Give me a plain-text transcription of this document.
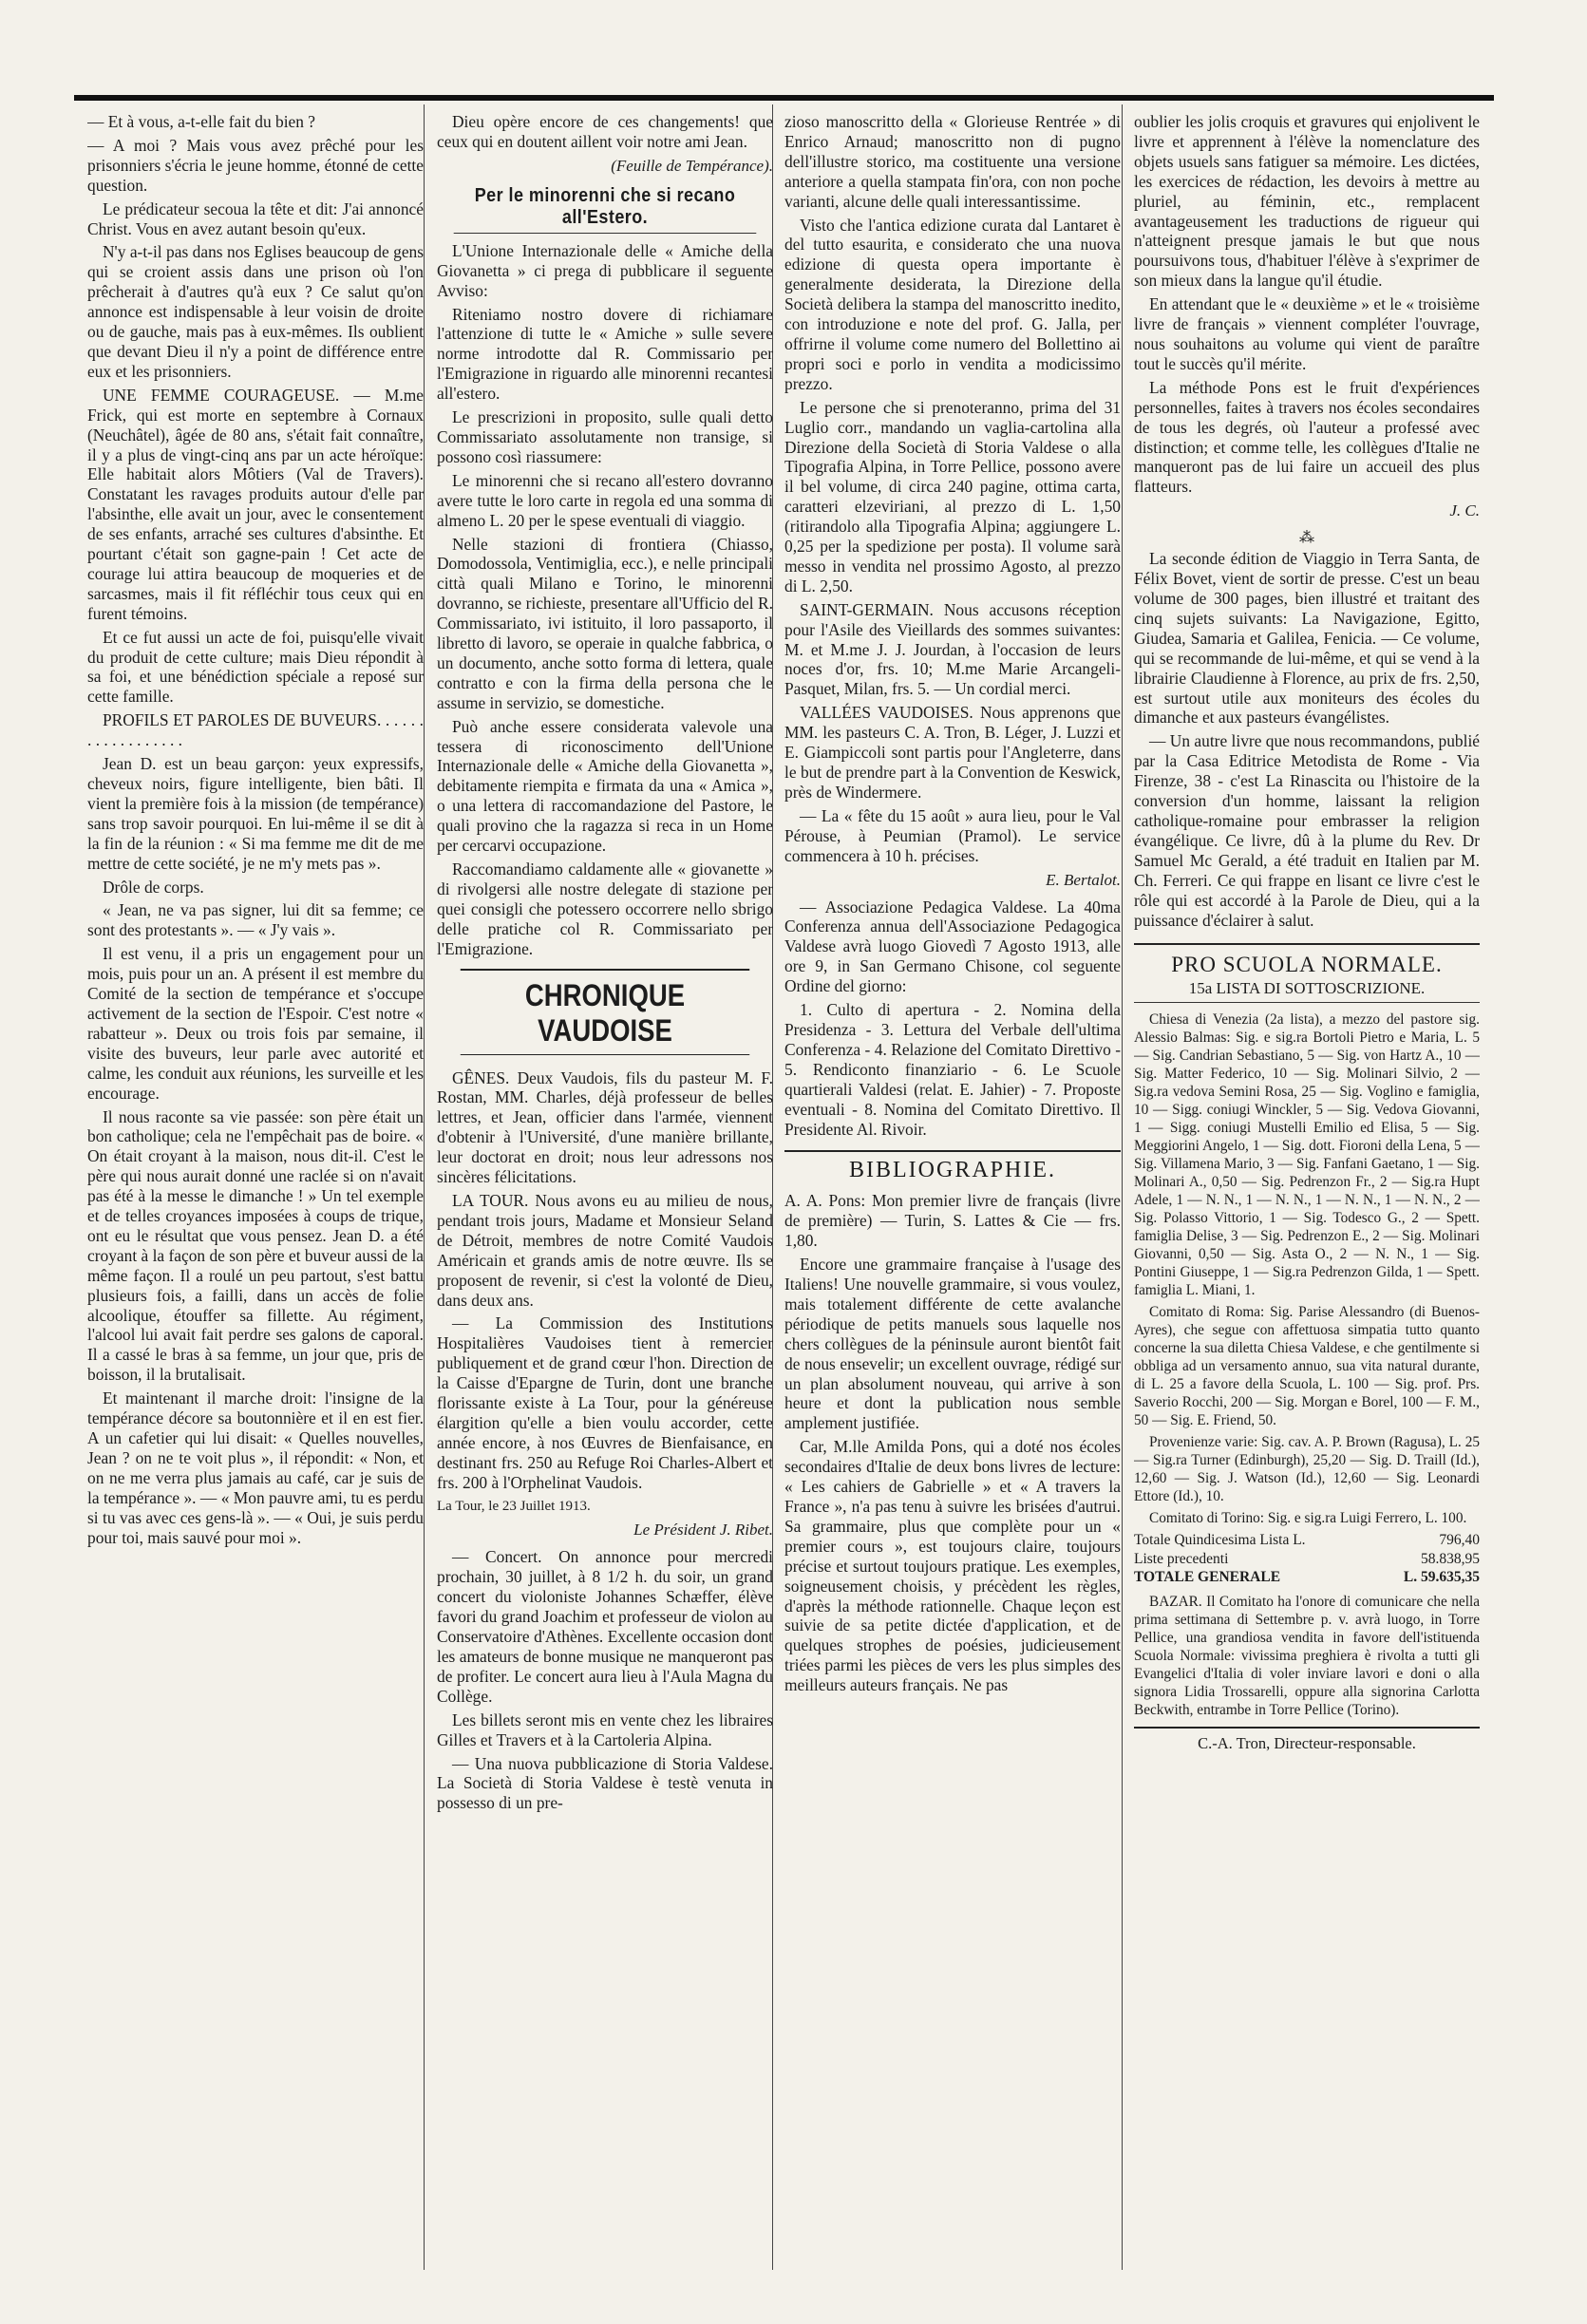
— Et à vous, a-t-elle fait du bien ?

— A moi ? Mais vous avez prêché pour les prisonniers s'écria le jeune homme, étonné de cette question.

Le prédicateur secoua la tête et dit: J'ai annoncé Christ. Vous en avez autant besoin qu'eux.

N'y a-t-il pas dans nos Eglises beaucoup de gens qui se croient assis dans une prison où l'on prêcherait à d'autres qu'à eux ? Ce salut qu'on annonce est indispensable à leur voisin de droite ou de gauche, mais pas à eux-mêmes. Ils oublient que devant Dieu il n'y a point de différence entre eux et les prisonniers.

UNE FEMME COURAGEUSE. — M.me Frick, qui est morte en septembre à Cornaux (Neuchâtel), âgée de 80 ans, s'était fait connaître, il y a plus de vingt-cinq ans par un acte héroïque: Elle habitait alors Môtiers (Val de Travers). Constatant les ravages produits autour d'elle par l'absinthe, elle avait un jour, avec le consentement de ses enfants, arraché ses cultures d'absinthe. Et pourtant c'était son gagne-pain ! Cet acte de courage lui attira beaucoup de moqueries et de sarcasmes, mais il fit réfléchir tous ceux qui en furent témoins.

Et ce fut aussi un acte de foi, puisqu'elle vivait du produit de cette culture; mais Dieu répondit à sa foi, et une bénédiction spéciale a reposé sur cette famille.

PROFILS ET PAROLES DE BUVEURS. . . . . . . . . . . . . . . . . .

Jean D. est un beau garçon: yeux expressifs, cheveux noirs, figure intelligente, bien bâti. Il vient la première fois à la mission (de tempérance) sans trop savoir pourquoi. En lui-même il se dit à la fin de la réunion : « Si ma femme me dit de me mettre de cette société, je ne m'y mets pas ».

Drôle de corps.

« Jean, ne va pas signer, lui dit sa femme; ce sont des protestants ». — « J'y vais ».

Il est venu, il a pris un engagement pour un mois, puis pour un an. A présent il est membre du Comité de la section de tempérance et s'occupe activement de la section de l'Espoir. C'est notre « rabatteur ». Deux ou trois fois par semaine, il visite des buveurs, leur parle avec autorité et calme, les conduit aux réunions, les surveille et les encourage.

Il nous raconte sa vie passée: son père était un bon catholique; cela ne l'empêchait pas de boire. « On était croyant à la maison, nous dit-il. C'est le père qui nous aurait donné une raclée si on n'avait pas été à la messe le dimanche ! » Un tel exemple et de telles croyances imposées à coups de trique, ont eu le résultat que vous pensez. Jean D. a été croyant à la façon de son père et buveur aussi de la même façon. Il a roulé un peu partout, s'est battu plusieurs fois, a failli, dans un accès de folie alcoolique, étouffer sa fillette. Au régiment, l'alcool lui avait fait perdre ses galons de caporal. Il a cassé le bras à sa femme, un jour que, pris de boisson, il la brutalisait.

Et maintenant il marche droit: l'insigne de la tempérance décore sa boutonnière et il en est fier. A un cafetier qui lui disait: « Quelles nouvelles, Jean ? on ne te voit plus », il répondit: « Non, et on ne me verra plus jamais au café, car je suis de la tempérance ». — « Mon pauvre ami, tu es perdu si tu vas avec ces gens-là ». — « Oui, je suis perdu pour toi, mais sauvé pour moi ».

Dieu opère encore de ces changements! que ceux qui en doutent aillent voir notre ami Jean.

(Feuille de Tempérance).
Per le minorenni che si recano all'Estero.

L'Unione Internazionale delle « Amiche della Giovanetta » ci prega di pubblicare il seguente Avviso:

Riteniamo nostro dovere di richiamare l'attenzione di tutte le « Amiche » sulle severe norme introdotte dal R. Commissario per l'Emigrazione in riguardo alle minorenni recantesi all'estero.

Le prescrizioni in proposito, sulle quali detto Commissariato assolutamente non transige, si possono così riassumere:

Le minorenni che si recano all'estero dovranno avere tutte le loro carte in regola ed una somma di almeno L. 20 per le spese eventuali di viaggio.

Nelle stazioni di frontiera (Chiasso, Domodossola, Ventimiglia, ecc.), e nelle principali città quali Milano e Torino, le minorenni dovranno, se richieste, presentare all'Ufficio del R. Commissariato, ivi istituito, il loro passaporto, il libretto di lavoro, se operaie in qualche fabbrica, o un documento, anche sotto forma di lettera, quale contratto e con la firma della persona che le assume in servizio, se domestiche.

Può anche essere considerata valevole una tessera di riconoscimento dell'Unione Internazionale delle « Amiche della Giovanetta », debitamente riempita e firmata da una « Amica », o una lettera di raccomandazione del Pastore, le quali provino che la ragazza si reca in un Home per cercarvi occupazione.

Raccomandiamo caldamente alle « giovanette » di rivolgersi alle nostre delegate di stazione per quei consigli che potessero occorrere nello sbrigo delle pratiche col R. Commissariato per l'Emigrazione.

CHRONIQUE VAUDOISE

GÊNES. Deux Vaudois, fils du pasteur M. F. Rostan, MM. Charles, déjà professeur de belles lettres, et Jean, officier dans l'armée, viennent d'obtenir à l'Université, d'une manière brillante, leur doctorat en droit; nous leur adressons nos sincères félicitations.

LA TOUR. Nous avons eu au milieu de nous, pendant trois jours, Madame et Monsieur Seland de Détroit, membres de notre Comité Vaudois Américain et grands amis de notre œuvre. Ils se proposent de revenir, si c'est la volonté de Dieu, dans deux ans.

— La Commission des Institutions Hospitalières Vaudoises tient à remercier publiquement et de grand cœur l'hon. Direction de la Caisse d'Epargne de Turin, dont une branche florissante existe à La Tour, pour la généreuse élargition qu'elle a bien voulu accorder, cette année encore, à nos Œuvres de Bienfaisance, en destinant frs. 250 au Refuge Roi Charles-Albert et frs. 200 à l'Orphelinat Vaudois.

La Tour, le 23 Juillet 1913.

Le Président J. Ribet.

— Concert. On annonce pour mercredi prochain, 30 juillet, à 8 1/2 h. du soir, un grand concert du violoniste Johannes Schæffer, élève favori du grand Joachim et professeur de violon au Conservatoire d'Athènes. Excellente occasion dont les amateurs de bonne musique ne manqueront pas de profiter. Le concert aura lieu à l'Aula Magna du Collège.

Les billets seront mis en vente chez les libraires Gilles et Travers et à la Cartoleria Alpina.

— Una nuova pubblicazione di Storia Valdese. La Società di Storia Valdese è testè venuta in possesso di un pre-

zioso manoscritto della « Glorieuse Rentrée » di Enrico Arnaud; manoscritto non di pugno dell'illustre storico, ma costituente una versione anteriore a quella stampata fin'ora, con non poche varianti, alcune delle quali interessantissime.

Visto che l'antica edizione curata dal Lantaret è del tutto esaurita, e considerato che una nuova edizione di questa opera importante è generalmente desiderata, la Direzione della Società delibera la stampa del manoscritto inedito, con introduzione e note del prof. G. Jalla, per offrirne il volume come numero del Bollettino ai propri soci e porlo in vendita a modicissimo prezzo.

Le persone che si prenoteranno, prima del 31 Luglio corr., mandando un vaglia-cartolina alla Direzione della Società di Storia Valdese o alla Tipografia Alpina, in Torre Pellice, possono avere il bel volume, di circa 240 pagine, ottima carta, caratteri elzeviriani, al prezzo di L. 1,50 (ritirandolo alla Tipografia Alpina; aggiungere L. 0,25 per la spedizione per posta). Il volume sarà messo in vendita nel prossimo Agosto, al prezzo di L. 2,50.

SAINT-GERMAIN. Nous accusons réception pour l'Asile des Vieillards des sommes suivantes: M. et M.me J. J. Jourdan, à l'occasion de leurs noces d'or, frs. 10; M.me Marie Arcangeli-Pasquet, Milan, frs. 5. — Un cordial merci.

VALLÉES VAUDOISES. Nous apprenons que MM. les pasteurs C. A. Tron, B. Léger, J. Luzzi et E. Giampiccoli sont partis pour l'Angleterre, dans le but de prendre part à la Convention de Keswick, près de Windermere.

— La « fête du 15 août » aura lieu, pour le Val Pérouse, à Peumian (Pramol). Le service commencera à 10 h. précises.

E. Bertalot.

— Associazione Pedagica Valdese. La 40ma Conferenza annua dell'Associazione Pedagogica Valdese avrà luogo Giovedì 7 Agosto 1913, alle ore 9, in San Germano Chisone, col seguente Ordine del giorno:

1. Culto di apertura - 2. Nomina della Presidenza - 3. Lettura del Verbale dell'ultima Conferenza - 4. Relazione del Comitato Direttivo - 5. Rendiconto finanziario - 6. Le Scuole quartierali Valdesi (relat. E. Jahier) - 7. Proposte eventuali - 8. Nomina del Comitato Direttivo. Il Presidente Al. Rivoir.

BIBLIOGRAPHIE.

A. A. Pons: Mon premier livre de français (livre de première) — Turin, S. Lattes & Cie — frs. 1,80.

Encore une grammaire française à l'usage des Italiens! Une nouvelle grammaire, si vous voulez, mais totalement différente de cette avalanche périodique de petits manuels sous laquelle nos chers collègues de la péninsule auront bientôt fait de nous ensevelir; un excellent ouvrage, rédigé sur un plan absolument nouveau, qui arrive à son heure et dont la publication nous semble amplement justifiée.

Car, M.lle Amilda Pons, qui a doté nos écoles secondaires d'Italie de deux bons livres de lecture: « Les cahiers de Gabrielle » et « A travers la France », n'a pas tenu à suivre les brisées d'autrui. Sa grammaire, plus que complète pour un « premier cours », est toujours claire, toujours précise et surtout toujours pratique. Les exemples, soigneusement choisis, y précèdent les règles, d'après la méthode rationnelle. Chaque leçon est suivie de sa petite dictée d'application, et de quelques strophes de poésies, judicieusement triées parmi les pièces de vers les plus simples des meilleurs auteurs français. Ne pas

oublier les jolis croquis et gravures qui enjolivent le livre et apprennent à l'élève la nomenclature des objets usuels sans fatiguer sa mémoire. Les dictées, les exercices de rédaction, les devoirs à mettre au pluriel, au féminin, etc., remplacent avantageusement les traductions de rigueur qui n'atteignent presque jamais le but que nous poursuivons tous, d'habituer l'élève à s'exprimer de son mieux dans la langue qu'il étudie.

En attendant que le « deuxième » et le « troisième livre de français » viennent compléter l'ouvrage, nous souhaitons au volume qui vient de paraître tout le succès qu'il mérite.

La méthode Pons est le fruit d'expériences personnelles, faites à travers nos écoles secondaires de tous les degrés, où l'auteur a professé avec distinction; et comme telle, les collègues d'Italie ne manqueront pas de lui faire un accueil des plus flatteurs.

J. C.
⁂

La seconde édition de Viaggio in Terra Santa, de Félix Bovet, vient de sortir de presse. C'est un beau volume de 300 pages, bien illustré et traitant des cinq sujets suivants: La Navigazione, Egitto, Giudea, Samaria et Galilea, Fenicia. — Ce volume, qui se recommande de lui-même, et qui se vend à la librairie Claudienne à Florence, au prix de frs. 2,50, est surtout utile aux moniteurs des écoles du dimanche et aux pasteurs évangélistes.

— Un autre livre que nous recommandons, publié par la Casa Editrice Metodista de Rome - Via Firenze, 38 - c'est La Rinascita ou l'histoire de la conversion d'un homme, laissant la religion catholique-romaine pour embrasser la religion évangélique. Ce livre, dû à la plume du Rev. Dr Samuel Mc Gerald, a été traduit en Italien par M. Ch. Ferreri. Ce qui frappe en lisant ce livre c'est le rôle qui est accordé à la Parole de Dieu, qui a la puissance d'éclairer à salut.

PRO SCUOLA NORMALE.
15a LISTA DI SOTTOSCRIZIONE.

Chiesa di Venezia (2a lista), a mezzo del pastore sig. Alessio Balmas: Sig. e sig.ra Bortoli Pietro e Maria, L. 5 — Sig. Candrian Sebastiano, 5 — Sig. von Hartz A., 10 — Sig. Matter Federico, 10 — Sig. Molinari Silvio, 2 — Sig.ra vedova Semini Rosa, 25 — Sig. Voglino e famiglia, 10 — Sigg. coniugi Winckler, 5 — Sig. Vedova Giovanni, 1 — Sigg. coniugi Mustelli Emilio ed Elisa, 5 — Sig. Meggiorini Angelo, 1 — Sig. dott. Fioroni della Lena, 5 — Sig. Villamena Mario, 3 — Sig. Fanfani Gaetano, 1 — Sig. Molinari A., 0,50 — Sig. Pedrenzon Fr., 2 — Sig.ra Hupt Adele, 1 — N. N., 1 — N. N., 1 — N. N., 1 — N. N., 2 — Sig. Polasso Vittorio, 1 — Sig. Todesco G., 2 — Spett. famiglia Delise, 3 — Sig. Pedrenzon E., 2 — Sig. Molinari Giovanni, 0,50 — Sig. Asta O., 2 — N. N., 1 — Sig. Pontini Giuseppe, 1 — Sig.ra Pedrenzon Gilda, 1 — Spett. famiglia L. Miani, 1.

Comitato di Roma: Sig. Parise Alessandro (di Buenos-Ayres), che segue con affettuosa simpatia tutto quanto concerne la sua diletta Chiesa Valdese, e che gentilmente si obbliga ad un versamento annuo, sua vita natural durante, di L. 25 a favore della Scuola, L. 100 — Sig. prof. Prs. Saverio Rocchi, 200 — Sig. Morgan e Borel, 100 — F. M., 50 — Sig. E. Friend, 50.

Provenienze varie: Sig. cav. A. P. Brown (Ragusa), L. 25 — Sig.ra Turner (Edinburgh), 25,20 — Sig. D. Traill (Id.), 12,60 — Sig. J. Watson (Id.), 12,60 — Sig. Leonardi Ettore (Id.), 10.

Comitato di Torino: Sig. e sig.ra Luigi Ferrero, L. 100.

Totale Quindicesima Lista L.	796,40
Liste precedenti	58.838,95
TOTALE GENERALE	L. 59.635,35

BAZAR. Il Comitato ha l'onore di comunicare che nella prima settimana di Settembre p. v. avrà luogo, in Torre Pellice, una grandiosa vendita in favore dell'istituenda Scuola Normale: vivissima preghiera è rivolta a tutti gli Evangelici d'Italia di voler inviare lavori e doni o alla signora Lidia Trossarelli, oppure alla signorina Carlotta Beckwith, entrambe in Torre Pellice (Torino).

C.-A. Tron, Directeur-responsable.
